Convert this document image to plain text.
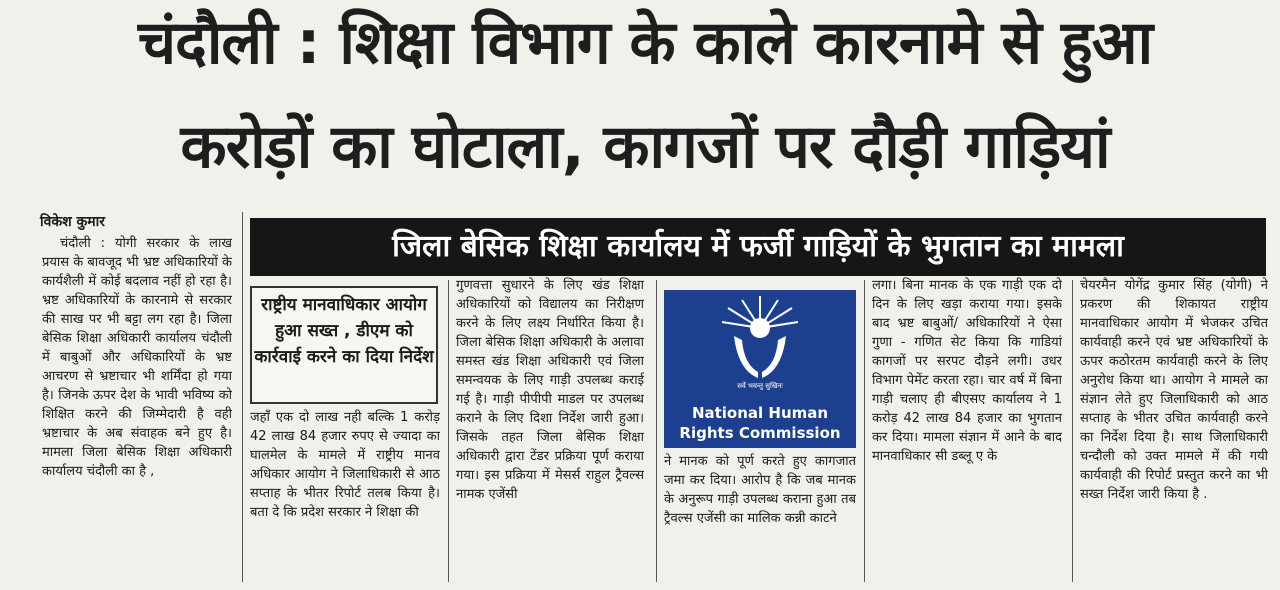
चंदौली : शिक्षा विभाग के काले कारनामे से हुआ
करोड़ों का घोटाला, कागजों पर दौड़ी गाड़ियां
विकेश कुमार
जिला बेसिक शिक्षा कार्यालय में फर्जी गाड़ियों के भुगतान का मामला
चंदौली : योगी सरकार के लाख प्रयास के बावजूद भी भ्रष्ट अधिकारियों के कार्यशैली में कोई बदलाव नहीं हो रहा है। भ्रष्ट अधिकारियों के कारनामे से सरकार की साख पर भी बट्टा लग रहा है। जिला बेसिक शिक्षा अधिकारी कार्यालय चंदौली में बाबुओं और अधिकारियों के भ्रष्ट आचरण से भ्रष्टाचार भी शर्मिंदा हो गया है। जिनके ऊपर देश के भावी भविष्य को शिक्षित करने की जिम्मेदारी है वही भ्रष्टाचार के अब संवाहक बने हुए है। मामला जिला बेसिक शिक्षा अधिकारी कार्यालय चंदौली का है ,
राष्ट्रीय मानवाधिकार आयोग हुआ सख्त , डीएम को कार्रवाई करने का दिया निर्देश
जहाँ एक दो लाख नही बल्कि 1 करोड़ 42 लाख 84 हजार रुपए से ज्यादा का घालमेल के मामले में राष्ट्रीय मानव अधिकार आयोग ने जिलाधिकारी से आठ सप्ताह के भीतर रिपोर्ट तलब किया है। बता दे कि प्रदेश सरकार ने शिक्षा की
गुणवत्ता सुधारने के लिए खंड शिक्षा अधिकारियों को विद्यालय का निरीक्षण करने के लिए लक्ष्य निर्धारित किया है। जिला बेसिक शिक्षा अधिकारी के अलावा समस्त खंड शिक्षा अधिकारी एवं जिला समन्वयक के लिए गाड़ी उपलब्ध कराई गई है। गाड़ी पीपीपी माडल पर उपलब्ध कराने के लिए दिशा निर्देश जारी हुआ। जिसके तहत जिला बेसिक शिक्षा अधिकारी द्वारा टेंडर प्रक्रिया पूर्ण कराया गया। इस प्रक्रिया में मेसर्स राहुल ट्रैवल्स नामक एजेंसी
सर्वे भवन्तु सुखिनः
National Human
Rights Commission
ने मानक को पूर्ण करते हुए कागजात जमा कर दिया। आरोप है कि जब मानक के अनुरूप गाड़ी उपलब्ध कराना हुआ तब ट्रैवल्स एजेंसी का मालिक कन्नी काटने
लगा। बिना मानक के एक गाड़ी एक दो दिन के लिए खड़ा कराया गया। इसके बाद भ्रष्ट बाबुओं/ अधिकारियों ने ऐसा गुणा - गणित सेट किया कि गाडियां कागजों पर सरपट दौड़ने लगी। उधर विभाग पेमेंट करता रहा। चार वर्ष में बिना गाड़ी चलाए ही बीएसए कार्यालय ने 1 करोड़ 42 लाख 84 हजार का भुगतान कर दिया। मामला संज्ञान में आने के बाद मानवाधिकार सी डब्लू ए के
चेयरमैन योगेंद्र कुमार सिंह (योगी) ने प्रकरण की शिकायत राष्ट्रीय मानवाधिकार आयोग में भेजकर उचित कार्यवाही करने एवं भ्रष्ट अधिकारियों के ऊपर कठोरतम कार्यवाही करने के लिए अनुरोध किया था। आयोग ने मामले का संज्ञान लेते हुए जिलाधिकारी को आठ सप्ताह के भीतर उचित कार्यवाही करने का निर्देश दिया है। साथ जिलाधिकारी चन्दौली को उक्त मामले में की गयी कार्यवाही की रिपोर्ट प्रस्तुत करने का भी सख्त निर्देश जारी किया है .
